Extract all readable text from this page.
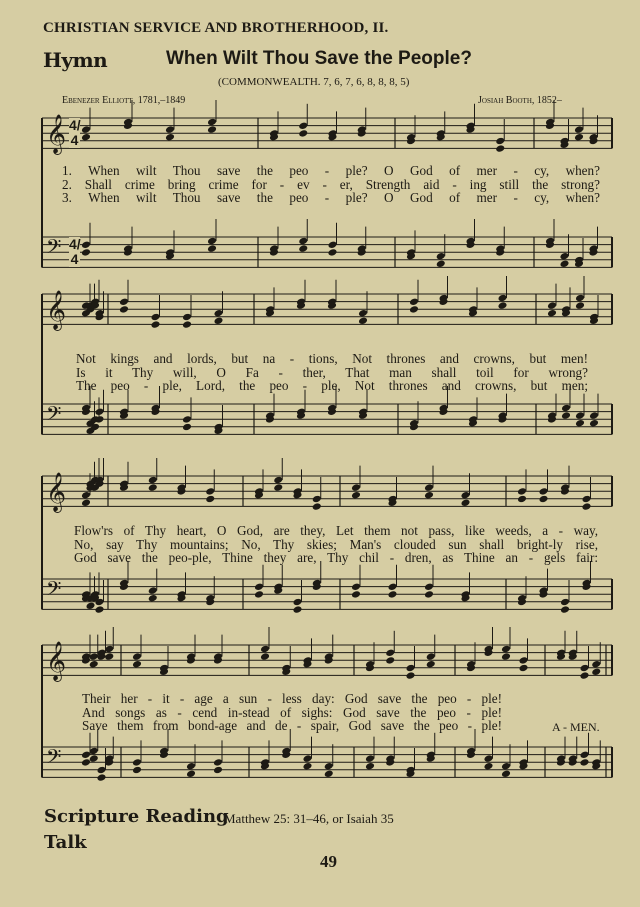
𝄞
𝄢
𝄞
𝄢
𝄞
𝄢
𝄞
𝄢
CHRISTIAN SERVICE AND BROTHERHOOD, II.
Hymn	When Wilt Thou Save the People?
(COMMONWEALTH. 7, 6, 7, 6, 8, 8, 8, 5)
Ebenezer Elliott, 1781,–1849	Josiah Booth, 1852–
4/4
4/4
1. When wilt Thou save the peo - ple? O God of mer - cy, when?
2. Shall crime bring crime for - ev - er, Strength aid - ing still the strong?
3. When wilt Thou save the peo - ple? O God of mer - cy, when?
Not kings and lords, but na - tions, Not thrones and crowns, but men!
Is it Thy will, O Fa - ther, That man shall toil for wrong?
The peo - ple, Lord, the peo - ple, Not thrones and crowns, but men;
Flow'rs of Thy heart, O God, are they, Let them not pass, like weeds, a - way,
No, say Thy mountains; No, Thy skies; Man's clouded sun shall bright-ly rise,
God save the peo-ple, Thine they are, Thy chil - dren, as Thine an - gels fair:
Their her - it - age a sun - less day: God save the peo - ple!
And songs as - cend in-stead of sighs: God save the peo - ple!
Save them from bond-age and de - spair, God save the peo - ple!	A - MEN.
Scripture Reading
Matthew 25: 31–46, or Isaiah 35
Talk
49
